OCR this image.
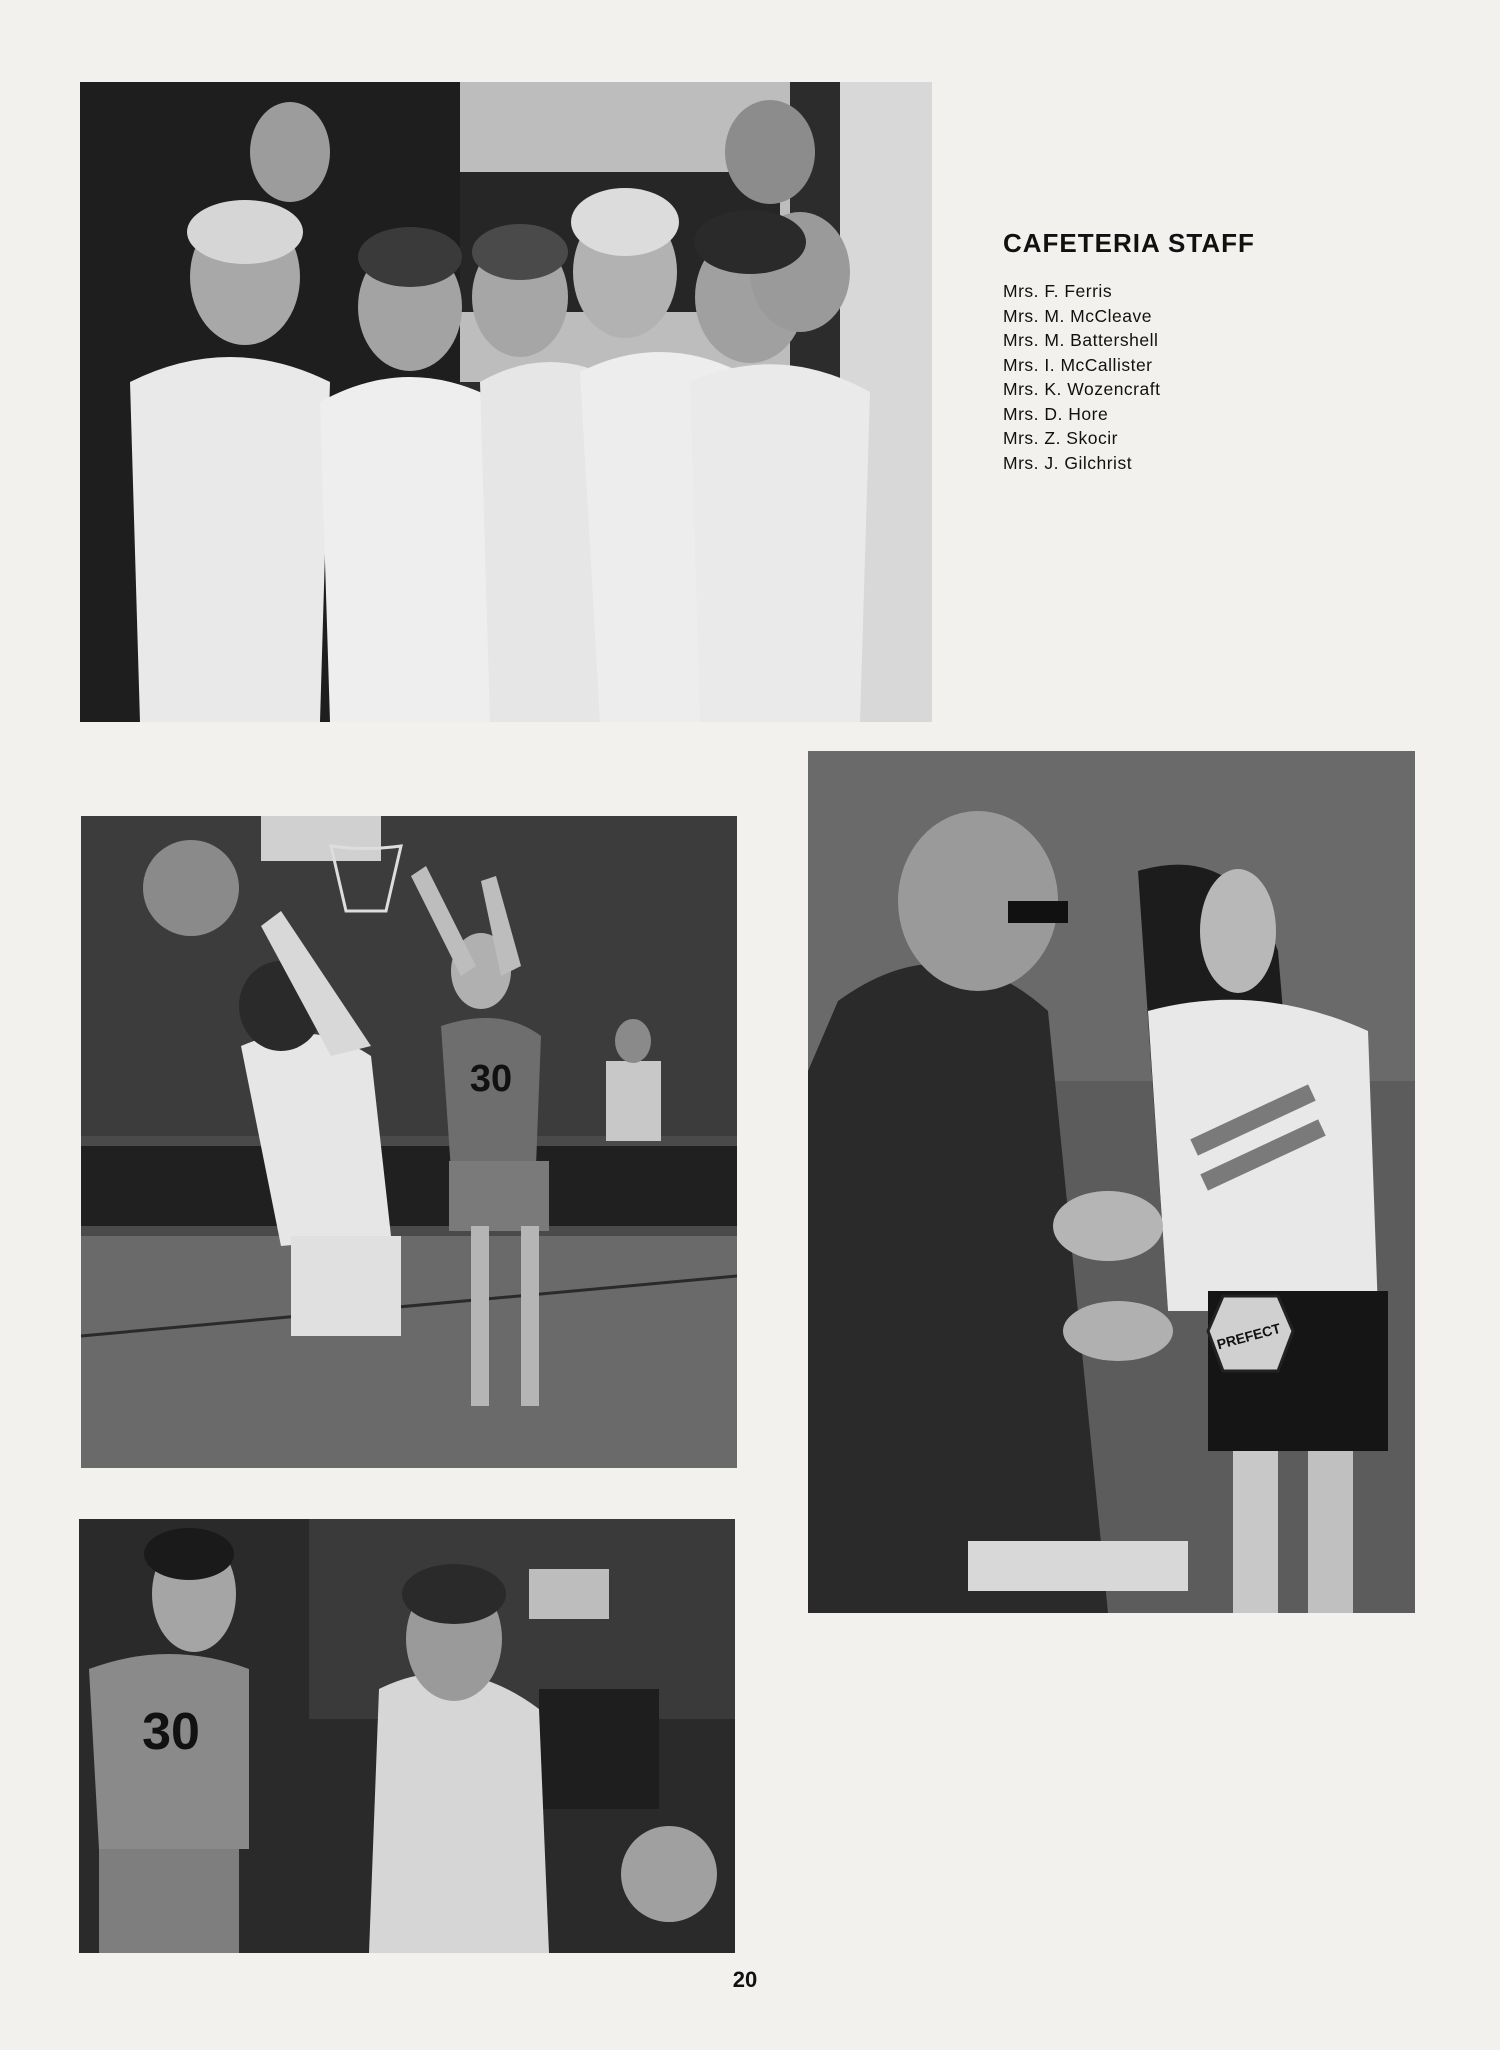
CAFETERIA STAFF
Mrs. F. Ferris
Mrs. M. McCleave
Mrs. M. Battershell
Mrs. I. McCallister
Mrs. K. Wozencraft
Mrs. D. Hore
Mrs. Z. Skocir
Mrs. J. Gilchrist
30
PREFECT
30
20
